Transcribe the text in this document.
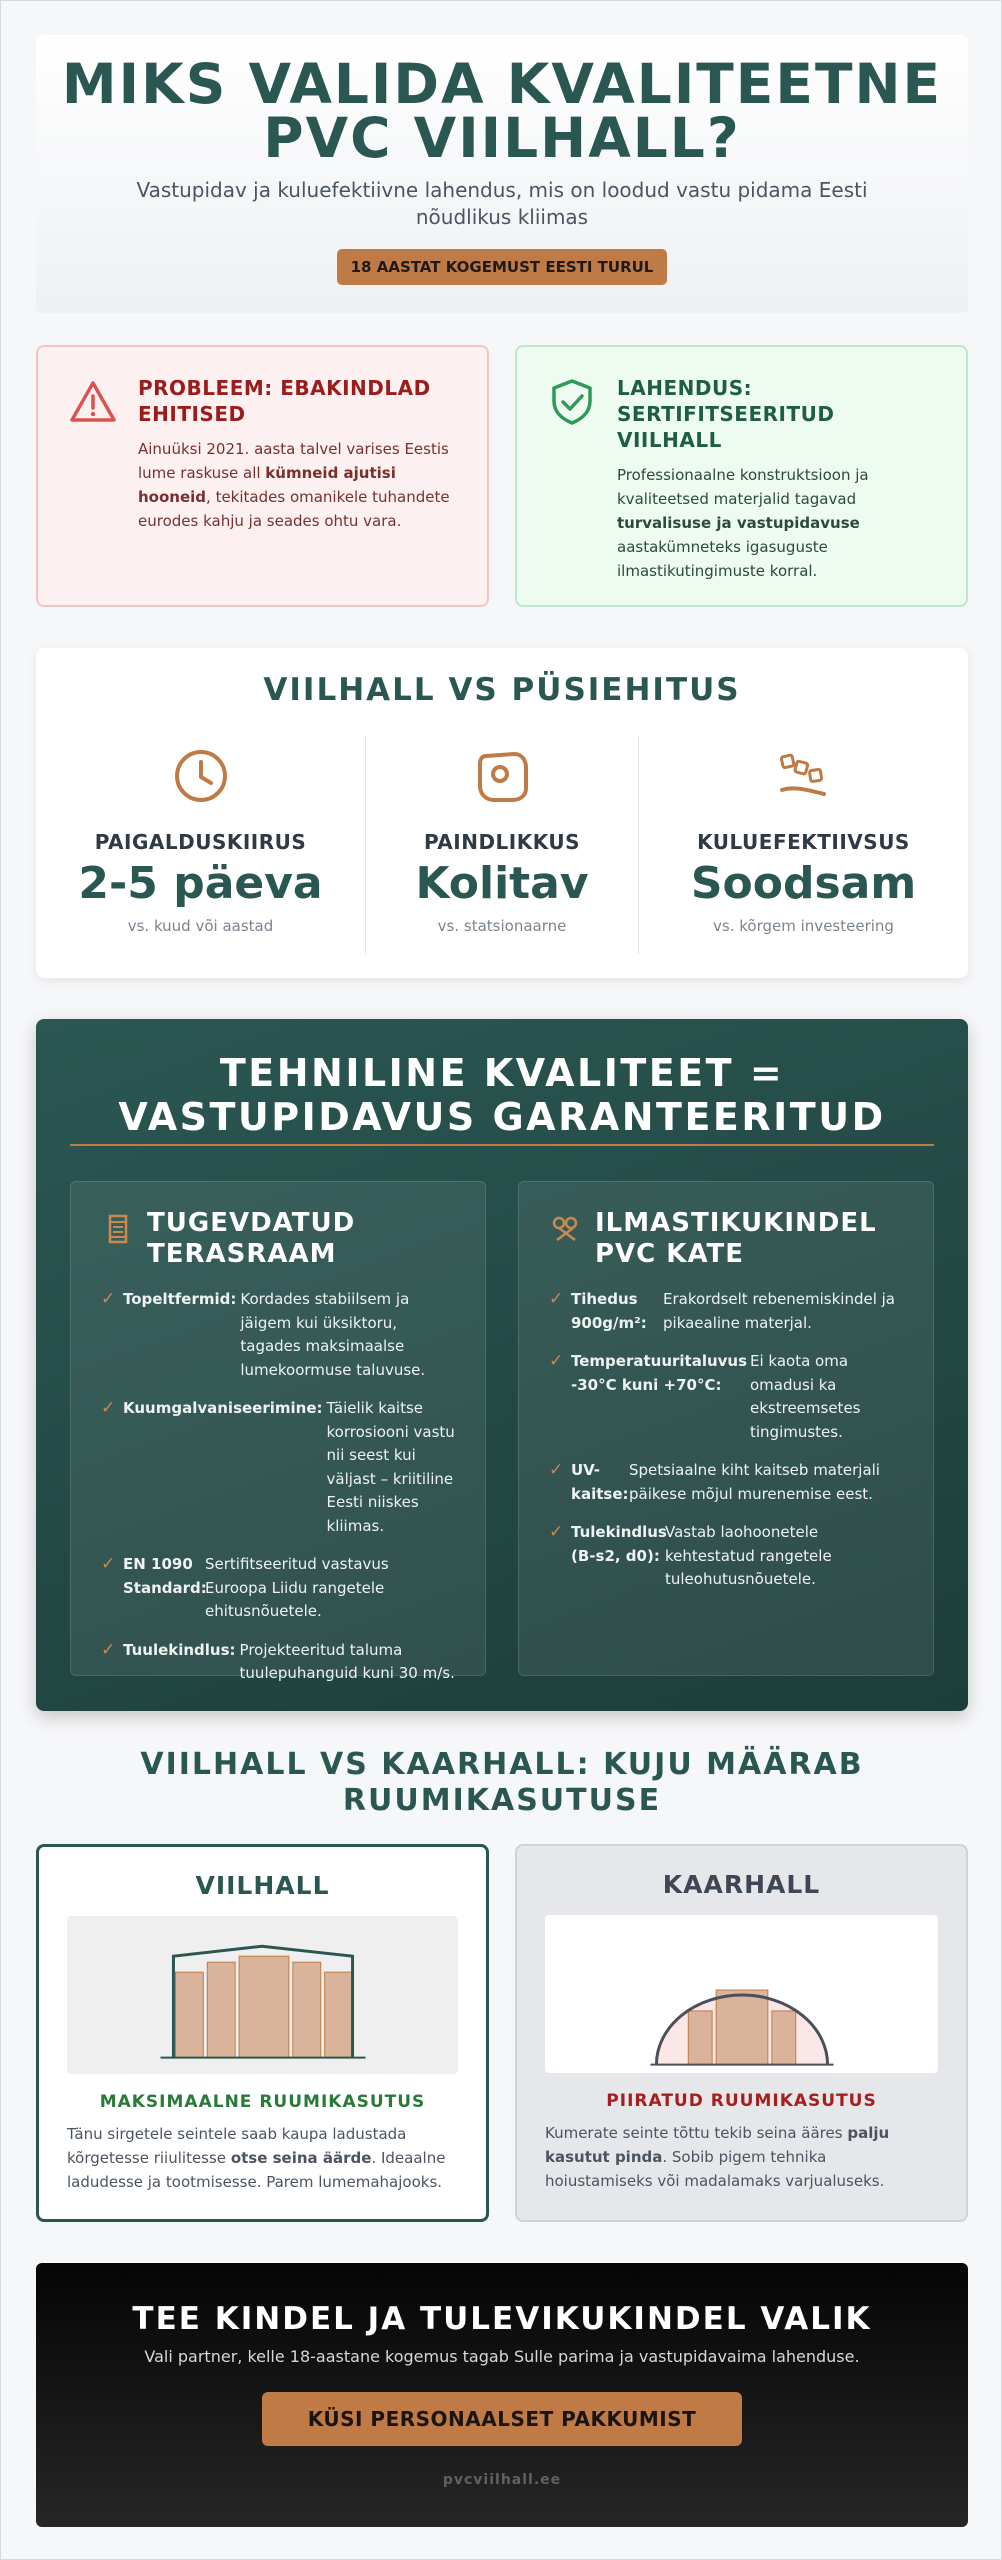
MIKS VALIDA KVALITEETNE PVC VIILHALL?

Vastupidav ja kuluefektiivne lahendus, mis on loodud vastu pidama Eesti nõudlikus kliimas

18 AASTAT KOGEMUST EESTI TURUL
PROBLEEM: EBAKINDLAD EHITISED

Ainuüksi 2021. aasta talvel varises Eestis lume raskuse all kümneid ajutisi hooneid, tekitades omanikele tuhandete eurodes kahju ja seades ohtu vara.

LAHENDUS: SERTIFITSEERITUD VIILHALL

Professionaalne konstruktsioon ja kvaliteetsed materjalid tagavad turvalisuse ja vastupidavuse aastakümneteks igasuguste ilmastikutingimuste korral.

VIILHALL VS PÜSIEHITUS
PAIGALDUSKIIRUS
2-5 päeva
vs. kuud või aastad
PAINDLIKKUS
Kolitav
vs. statsionaarne
KULUEFEKTIIVSUS
Soodsam
vs. kõrgem investeering
TEHNILINE KVALITEET = VASTUPIDAVUS GARANTEERITUD
TUGEVDATUD TERASRAAM
✓ Topeltfermid: Kordades stabiilsem ja jäigem kui üksiktoru, tagades maksimaalse lumekoormuse taluvuse.
✓ Kuumgalvaniseerimine: Täielik kaitse korrosiooni vastu nii seest kui väljast – kriitiline Eesti niiskes kliimas.
✓ EN 1090 Standard:
Sertifitseeritud vastavus Euroopa Liidu rangetele ehitusnõuetele.
✓ Tuulekindlus: Projekteeritud taluma tuulepuhanguid kuni 30 m/s.
ILMASTIKUKINDEL PVC KATE
✓ Tihedus 900g/m²:
Erakordselt rebenemiskindel ja pikaealine materjal.
✓ Temperatuuritaluvus -30°C kuni +70°C:
Ei kaota oma omadusi ka ekstreemsetes tingimustes.
✓ UV-kaitse:
Spetsiaalne kiht kaitseb materjali päikese mõjul murenemise eest.
✓ Tulekindlus (B-s2, d0):
Vastab laohoonetele kehtestatud rangetele tuleohutusnõuetele.
VIILHALL VS KAARHALL: KUJU MÄÄRAB RUUMIKASUTUSE
VIILHALL
MAKSIMAALNE RUUMIKASUTUS

Tänu sirgetele seintele saab kaupa ladustada kõrgetesse riiulitesse otse seina äärde. Ideaalne ladudesse ja tootmisesse. Parem lumemahajooks.

KAARHALL
PIIRATUD RUUMIKASUTUS

Kumerate seinte tõttu tekib seina ääres palju kasutut pinda. Sobib pigem tehnika hoiustamiseks või madalamaks varjualuseks.

TEE KINDEL JA TULEVIKUKINDEL VALIK

Vali partner, kelle 18-aastane kogemus tagab Sulle parima ja vastupidavaima lahenduse.

KÜSI PERSONAALSET PAKKUMIST
pvcviilhall.ee
